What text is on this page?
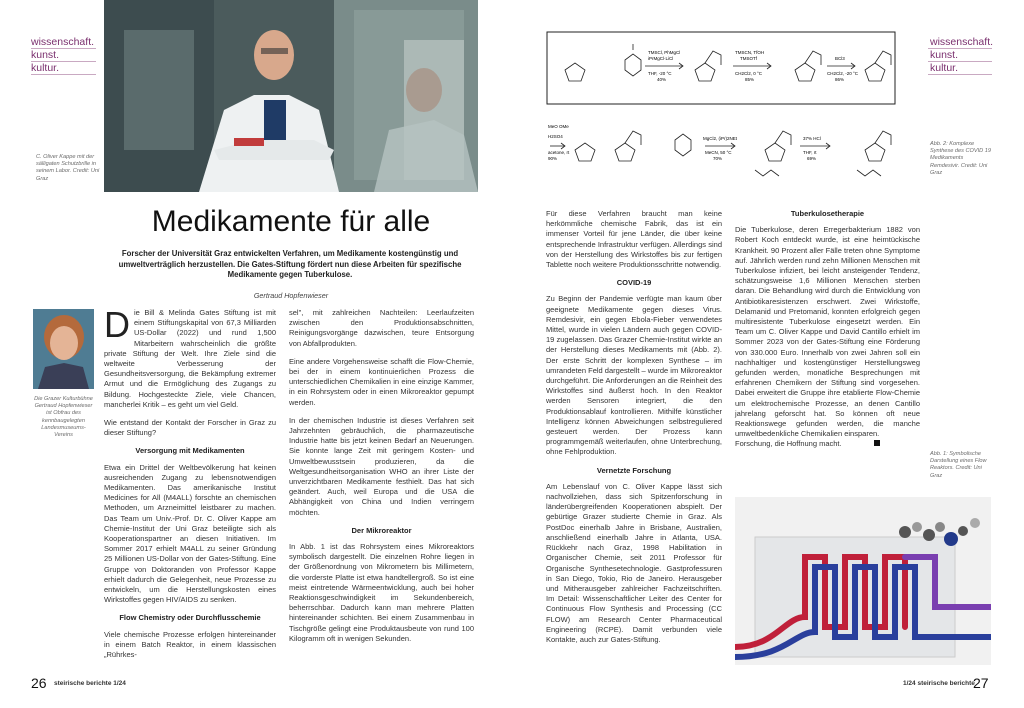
wissenschaft.
kunst.
kultur.
C. Oliver Kappe mit der sälligaten Schutzbrille in seinem Labor. Credit: Uni Graz
Medikamente für alle
Forscher der Universität Graz entwickelten Verfahren, um Medikamente kostengünstig und umweltverträglich herzustellen. Die Gates-Stiftung fördert nun diese Arbeiten für spezifische Medikamente gegen Tuberkulose.
Gertraud Hopfenwieser
Die Grazer Kulturbühne Gertraud Hopfenwieser ist Obfrau des kennbaugelegten Landesmuseums-Vereins

Die Bill & Melinda Gates Stiftung ist mit einem Stiftungskapital von 67,3 Milliarden US-Dollar (2022) und rund 1,500 Mitarbeitern wahrscheinlich die größte private Stiftung der Welt. Ihre Ziele sind die weltweite Verbesserung der Gesundheitsversorgung, die Bekämpfung extremer Armut und die Ermöglichung des Zugangs zu Bildung. Hochgesteckte Ziele, viele Chancen, mancherlei Kritik – es geht um viel Geld.

Wie entstand der Kontakt der Forscher in Graz zu dieser Stiftung?

Versorgung mit Medikamenten

Etwa ein Drittel der Weltbevölkerung hat keinen ausreichenden Zugang zu lebensnotwendigen Medikamenten. Das amerikanische Institut Medicines for All (M4ALL) forschte an chemischen Methoden, um Arzneimittel leistbarer zu machen. Das Team um Univ.-Prof. Dr. C. Oliver Kappe am Chemie-Institut der Uni Graz beteiligte sich als Kooperationspartner an diesen Initiativen. Im Sommer 2017 erhielt M4ALL zu seiner Gründung 25 Millionen US-Dollar von der Gates-Stiftung. Eine Gruppe von Doktoranden von Professor Kappe erhielt dadurch die Gelegenheit, neue Prozesse zu entwickeln, um die Herstellungskosten eines Wirkstoffes gegen HIV/AIDS zu senken.

Flow Chemistry oder Durchflusschemie

Viele chemische Prozesse erfolgen hintereinander in einem Batch Reaktor, in einem klassischen „Rührkes-

sel", mit zahlreichen Nachteilen: Leerlaufzeiten zwischen den Produktionsabschnitten, Reinigungsvorgänge dazwischen, teure Entsorgung von Abfallprodukten.

Eine andere Vorgehensweise schafft die Flow-Chemie, bei der in einem kontinuierlichen Prozess die unterschiedlichen Chemikalien in eine einzige Kammer, in ein Rohrsystem oder in einen Mikroreaktor gepumpt werden.

In der chemischen Industrie ist dieses Verfahren seit Jahrzehnten gebräuchlich, die pharmazeutische Industrie hatte bis jetzt keinen Bedarf an Neuerungen. Sie konnte lange Zeit mit geringem Kosten- und Umweltbewusstsein produzieren, da die Weltgesundheitsorganisation WHO an ihrer Liste der unverzichtbaren Medikamente festhielt. Das hat sich geändert. Auch, weil Europa und die USA die Abhängigkeit von China und Indien verringern möchten.

Der Mikroreaktor

In Abb. 1 ist das Rohrsystem eines Mikroreaktors symbolisch dargestellt. Die einzelnen Rohre liegen in der Größenordnung von Mikrometern bis Millimetern, die vorderste Platte ist etwa handtellergroß. So ist eine meist eintretende Wärmeentwicklung, auch bei hoher Reaktionsgeschwindigkeit im Sekundenbereich, beherrschbar. Dadurch kann man mehrere Platten hintereinander schichten. Bei einem Zusammenbau in Tischgröße gelingt eine Produktausbeute von rund 100 Kilogramm oft in wenigen Sekunden.

26 steirische berichte 1/24
TMSCl, PhMgCl
iPrMgCl·LiCl
THF, -20 °C
40%
TMSCN, TfOH
TMSOTf
CH2Cl2, 0 °C
85%
BCl3
CH2Cl2, -20 °C
86%
MeO OMe
H2SO4
acetone, rt
90%
MgCl2, (iPr)2NEt
MeCN, 50 °C
70%
37% HCl
THF, rt
69%
wissenschaft.
kunst.
kultur.
Abb. 2: Komplexe Synthese des COVID 19 Medikaments Remdesivir. Credit: Uni Graz

Für diese Verfahren braucht man keine herkömmliche chemische Fabrik, das ist ein immenser Vorteil für jene Länder, die über keine entsprechende Infrastruktur verfügen. Allerdings sind von der Herstellung des Wirkstoffes bis zur fertigen Tablette noch weitere Produktionsschritte notwendig.

COVID-19

Zu Beginn der Pandemie verfügte man kaum über geeignete Medikamente gegen dieses Virus. Remdesivir, ein gegen Ebola-Fieber verwendetes Mittel, wurde in vielen Ländern auch gegen COVID-19 zugelassen. Das Grazer Chemie-Institut wirkte an der Herstellung dieses Medikaments mit (Abb. 2). Der erste Schritt der komplexen Synthese – im umrandeten Feld dargestellt – wurde im Mikroreaktor durchgeführt. Die Anforderungen an die Reinheit des Wirkstoffes sind äußerst hoch. In den Reaktor werden Sensoren integriert, die den Produktionsablauf kontrollieren. Mithilfe künstlicher Intelligenz können Abweichungen selbstreguliered gesteuert werden. Der Prozess kann programmgemäß weiterlaufen, ohne Unterbrechung, ohne Fehlproduktion.

Vernetzte Forschung

Am Lebenslauf von C. Oliver Kappe lässt sich nachvollziehen, dass sich Spitzenforschung in länderübergreifenden Kooperationen abspielt. Der gebürtige Grazer studierte Chemie in Graz. Als PostDoc einerhalb Jahre in Brisbane, Australien, anschließend einerhalb Jahre in Atlanta, USA. Rückkehr nach Graz, 1998 Habilitation in Organischer Chemie, seit 2011 Professor für Organische Synthesetechnologie. Gastprofessuren in San Diego, Tokio, Rio de Janeiro. Herausgeber und Mitherausgeber zahlreicher Fachzeitschriften. Im Detail: Wissenschaftlicher Leiter des Center for Continuous Flow Synthesis and Processing (CC FLOW) am Research Center Pharmaceutical Engineering (RCPE). Damit verbunden viele Kontakte, auch zur Gates-Stiftung.

Tuberkulosetherapie

Die Tuberkulose, deren Erregerbakterium 1882 von Robert Koch entdeckt wurde, ist eine heimtückische Krankheit. 90 Prozent aller Fälle treten ohne Symptome auf. Jährlich werden rund zehn Millionen Menschen mit Tuberkulose infiziert, bei leicht ansteigender Tendenz, schätzungsweise 1,6 Millionen Menschen sterben daran. Die Behandlung wird durch die Entwicklung von Antibiotikaresistenzen erschwert. Zwei Wirkstoffe, Delamanid und Pretomanid, konnten erfolgreich gegen multiresistente Tuberkulose eingesetzt werden. Ein Team um C. Oliver Kappe und David Cantillo erhielt im Sommer 2023 von der Gates-Stiftung eine Förderung von 330.000 Euro. Innerhalb von zwei Jahren soll ein nachhaltiger und kostengünstiger Herstellungsweg gefunden werden, monatliche Besprechungen mit erfahrenen Chemikern der Stiftung sind vorgesehen. Dabei erweitert die Gruppe ihre etablierte Flow-Chemie um elektrochemische Prozesse, an denen Cantillo jahrelang geforscht hat. So können oft neue Reaktionswege gefunden werden, die manche umweltbedenkliche Chemikalien einsparen.

Forschung, die Hoffnung macht.

Abb. 1: Symbolische Darstellung eines Flow Reaktors. Credit: Uni Graz
1/24 steirische berichte
27
